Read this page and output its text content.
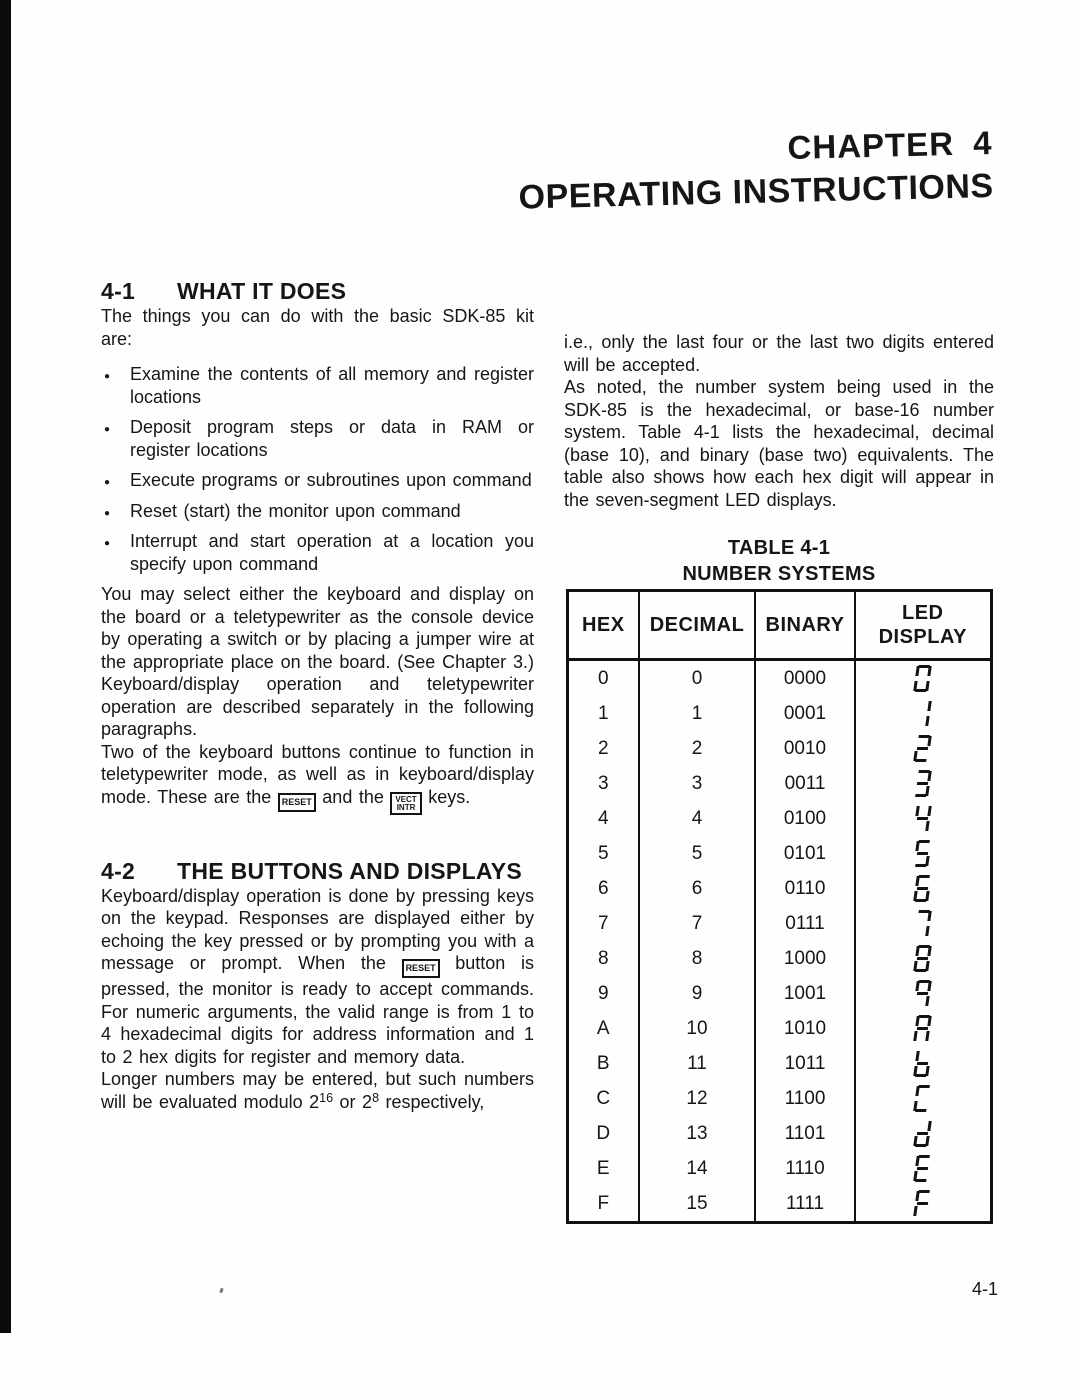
CHAPTER 4
OPERATING INSTRUCTIONS
4-1 WHAT IT DOES

The things you can do with the basic SDK-85 kit are:

● Examine the contents of all memory and register locations
● Deposit program steps or data in RAM or register locations
● Execute programs or subroutines upon command
● Reset (start) the monitor upon command
● Interrupt and start operation at a location you specify upon command

You may select either the keyboard and display on the board or a teletypewriter as the console device by operating a switch or by placing a jumper wire at the appropriate place on the board. (See Chapter 3.) Keyboard/display operation and teletypewriter operation are described separately in the following paragraphs.

Two of the keyboard buttons continue to function in teletypewriter mode, as well as in keyboard/display mode. These are the RESET and the VECT
INTR
keys.

4-2 THE BUTTONS AND DISPLAYS

Keyboard/display operation is done by pressing keys on the keypad. Responses are displayed either by echoing the key pressed or by prompting you with a message or prompt. When the RESET button is pressed, the monitor is ready to accept commands. For numeric arguments, the valid range is from 1 to 4 hexadecimal digits for address information and 1 to 2 hex digits for register and memory data.

Longer numbers may be entered, but such numbers will be evaluated modulo $2^{16}$ or $2^8$ respectively,

i.e., only the last four or the last two digits entered will be accepted.

As noted, the number system being used in the SDK-85 is the hexadecimal, or base-16 number system. Table 4-1 lists the hexadecimal, decimal (base 10), and binary (base two) equivalents. The table also shows how each hex digit will appear in the seven-segment LED displays.

TABLE 4-1
NUMBER SYSTEMS
HEX	DECIMAL	BINARY	LED
DISPLAY
0	0	0000	

1	1	0001	

2	2	0010	

3	3	0011	

4	4	0100	

5	5	0101	

6	6	0110	

7	7	0111	

8	8	1000	

9	9	1001	

A	10	1010	

B	11	1011	

C	12	1100	

D	13	1101	

E	14	1110	

F	15	1111	
4-1
